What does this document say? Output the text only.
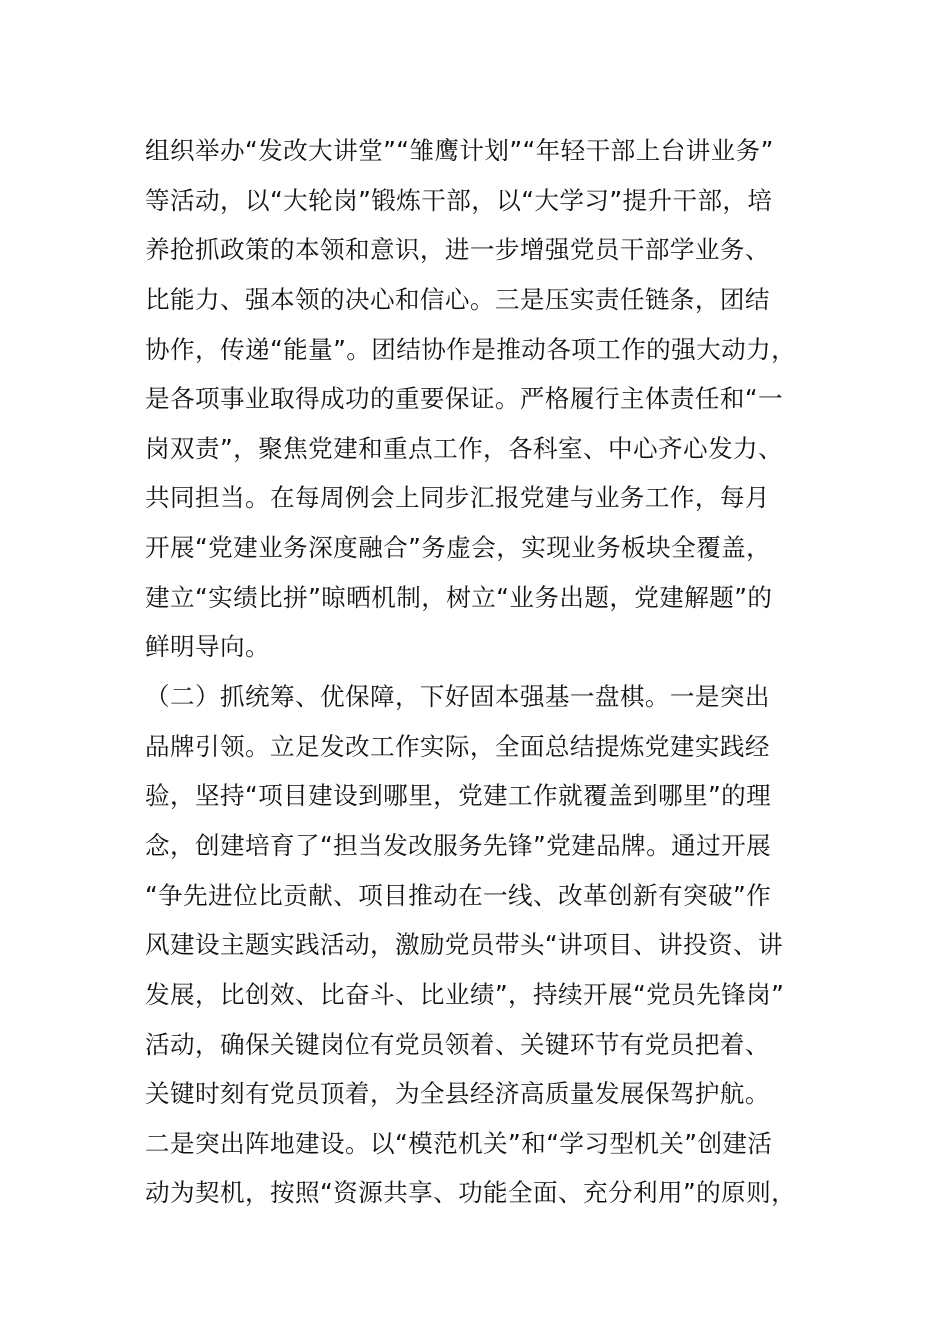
组织举办“发改大讲堂”“雏鹰计划”“年轻干部上台讲业务”
等活动，以“大轮岗”锻炼干部，以“大学习”提升干部，培
养抢抓政策的本领和意识，进一步增强党员干部学业务、
比能力、强本领的决心和信心。三是压实责任链条，团结
协作，传递“能量”。团结协作是推动各项工作的强大动力，
是各项事业取得成功的重要保证。严格履行主体责任和“一
岗双责”，聚焦党建和重点工作，各科室、中心齐心发力、
共同担当。在每周例会上同步汇报党建与业务工作，每月
开展“党建业务深度融合”务虚会，实现业务板块全覆盖，
建立“实绩比拼”晾晒机制，树立“业务出题，党建解题”的
鲜明导向。
（二）抓统筹、优保障，下好固本强基一盘棋。一是突出
品牌引领。立足发改工作实际，全面总结提炼党建实践经
验，坚持“项目建设到哪里，党建工作就覆盖到哪里”的理
念，创建培育了“担当发改服务先锋”党建品牌。通过开展
“争先进位比贡献、项目推动在一线、改革创新有突破”作
风建设主题实践活动，激励党员带头“讲项目、讲投资、讲
发展，比创效、比奋斗、比业绩”，持续开展“党员先锋岗”
活动，确保关键岗位有党员领着、关键环节有党员把着、
关键时刻有党员顶着，为全县经济高质量发展保驾护航。
二是突出阵地建设。以“模范机关”和“学习型机关”创建活
动为契机，按照“资源共享、功能全面、充分利用”的原则，
